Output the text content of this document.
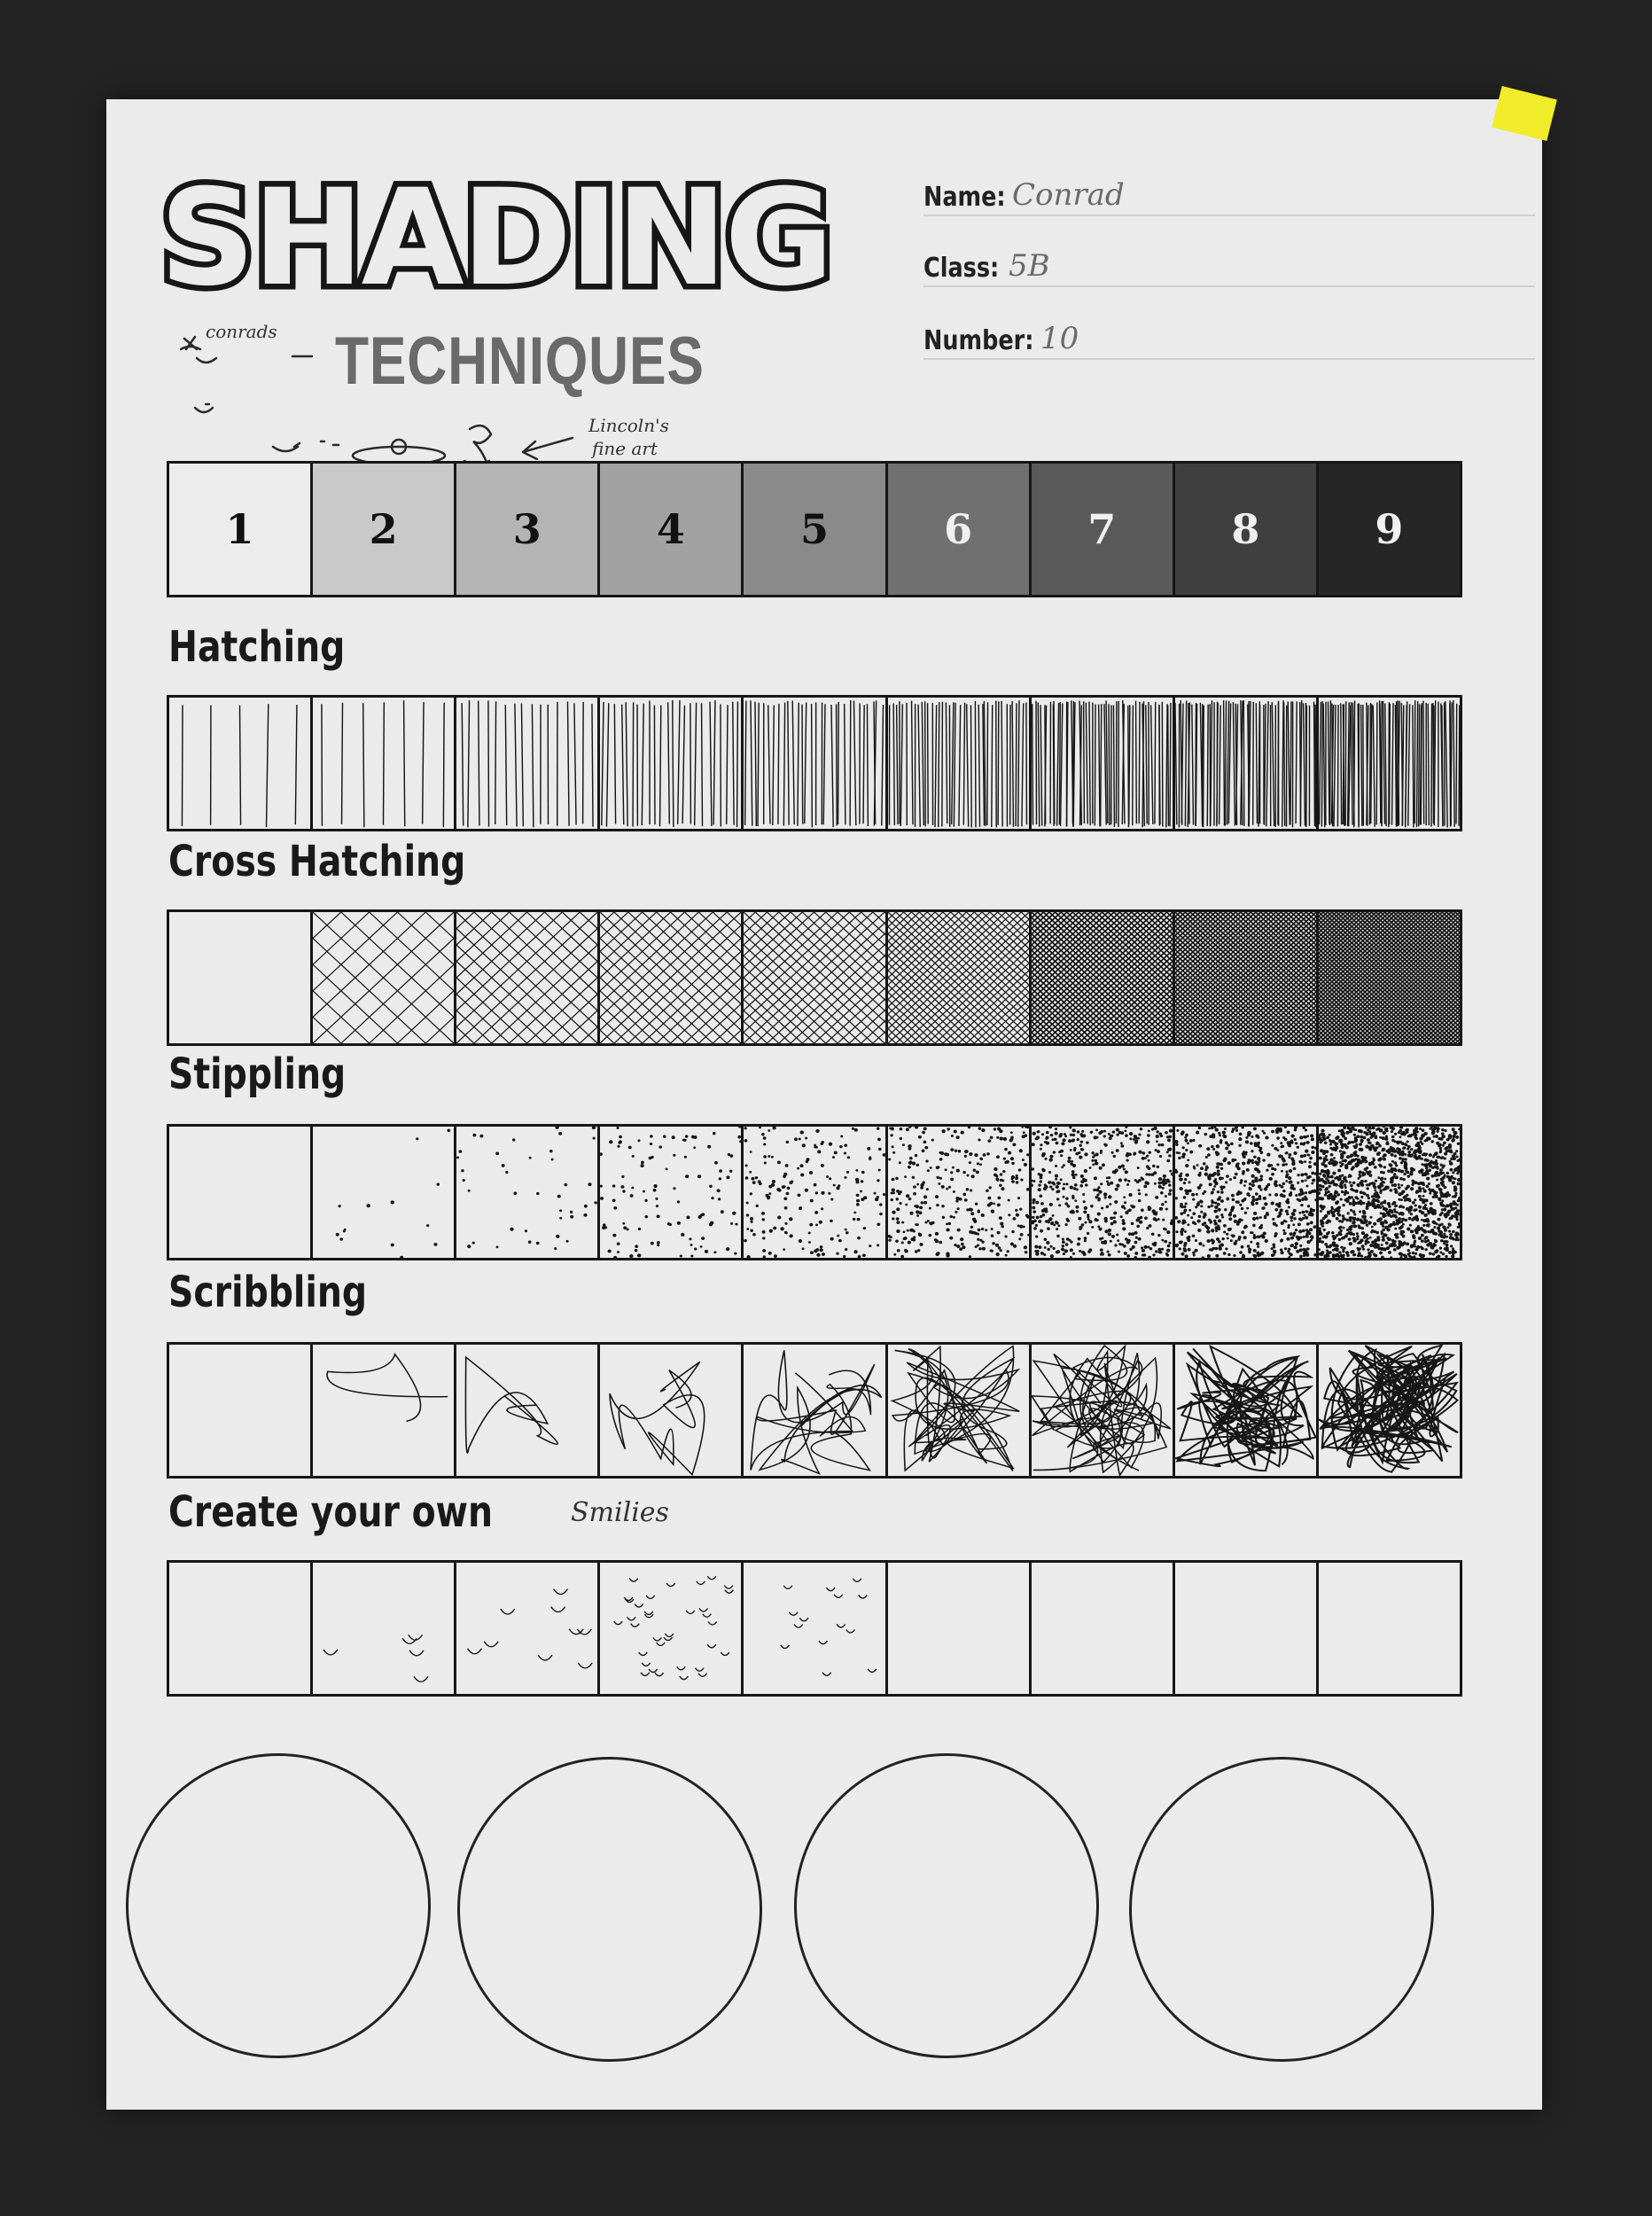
SHADING
TECHNIQUES
Name: Conrad
Class: 5B
Number: 10
conrads
Lincoln's
fine art
1	2	3	4	5	6	7	8	9
Hatching
Cross Hatching
Stippling
Scribbling
Create your own	Smilies
